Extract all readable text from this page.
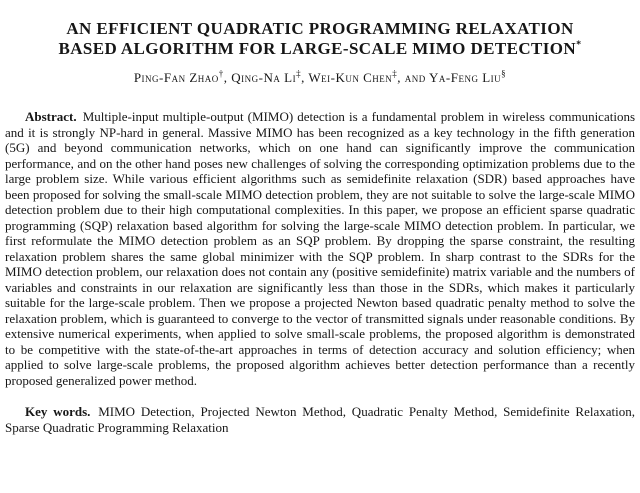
AN EFFICIENT QUADRATIC PROGRAMMING RELAXATION
BASED ALGORITHM FOR LARGE-SCALE MIMO DETECTION*
Ping-Fan Zhao†, Qing-Na Li‡, Wei-Kun Chen‡, and Ya-Feng Liu§

Abstract. Multiple-input multiple-output (MIMO) detection is a fundamental problem in wireless communications and it is strongly NP-hard in general. Massive MIMO has been recognized as a key technology in the fifth generation (5G) and beyond communication networks, which on one hand can significantly improve the communication performance, and on the other hand poses new challenges of solving the corresponding optimization problems due to the large problem size. While various efficient algorithms such as semidefinite relaxation (SDR) based approaches have been proposed for solving the small-scale MIMO detection problem, they are not suitable to solve the large-scale MIMO detection problem due to their high computational complexities. In this paper, we propose an efficient sparse quadratic programming (SQP) relaxation based algorithm for solving the large-scale MIMO detection problem. In particular, we first reformulate the MIMO detection problem as an SQP problem. By dropping the sparse constraint, the resulting relaxation problem shares the same global minimizer with the SQP problem. In sharp contrast to the SDRs for the MIMO detection problem, our relaxation does not contain any (positive semidefinite) matrix variable and the numbers of variables and constraints in our relaxation are significantly less than those in the SDRs, which makes it particularly suitable for the large-scale problem. Then we propose a projected Newton based quadratic penalty method to solve the relaxation problem, which is guaranteed to converge to the vector of transmitted signals under reasonable conditions. By extensive numerical experiments, when applied to solve small-scale problems, the proposed algorithm is demonstrated to be competitive with the state-of-the-art approaches in terms of detection accuracy and solution efficiency; when applied to solve large-scale problems, the proposed algorithm achieves better detection performance than a recently proposed generalized power method.

Key words. MIMO Detection, Projected Newton Method, Quadratic Penalty Method, Semidefinite Relaxation, Sparse Quadratic Programming Relaxation
